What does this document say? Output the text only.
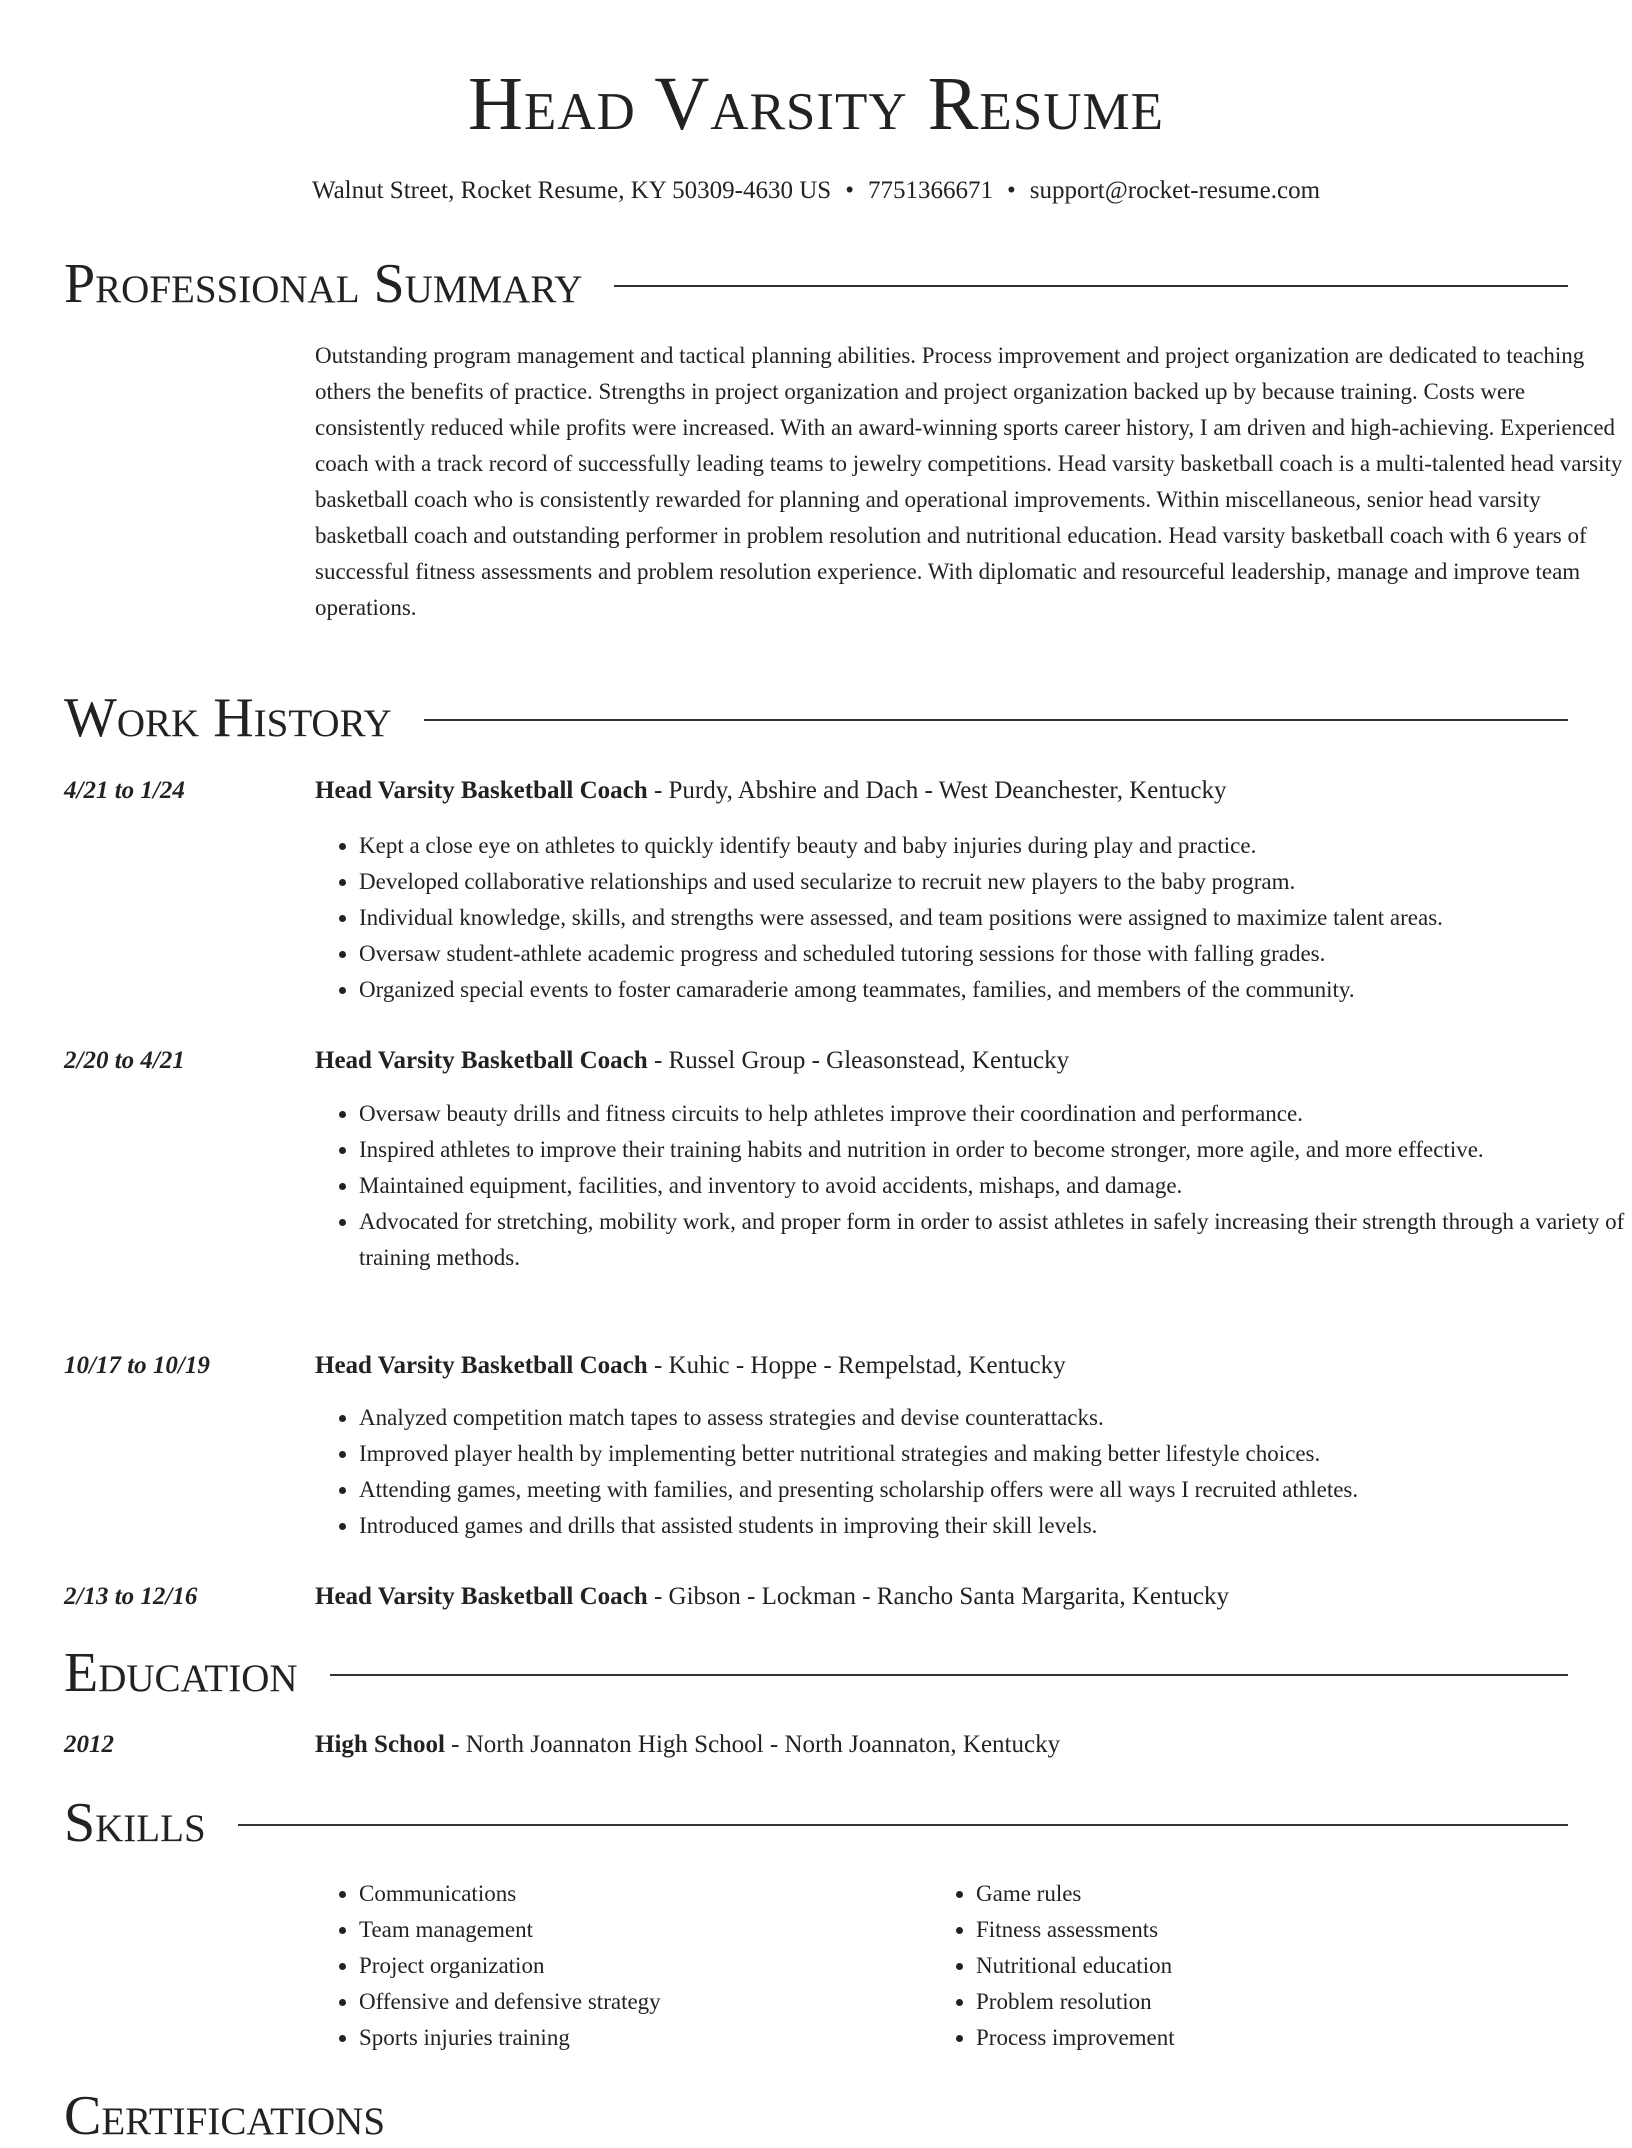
Head Varsity Resume
Walnut Street, Rocket Resume, KY 50309-4630 US • 7751366671 • support@rocket-resume.com
Professional Summary

Outstanding program management and tactical planning abilities. Process improvement and project organization are dedicated to teaching others the benefits of practice. Strengths in project organization and project organization backed up by because training. Costs were consistently reduced while profits were increased. With an award-winning sports career history, I am driven and high-achieving. Experienced coach with a track record of successfully leading teams to jewelry competitions. Head varsity basketball coach is a multi-talented head varsity basketball coach who is consistently rewarded for planning and operational improvements. Within miscellaneous, senior head varsity basketball coach and outstanding performer in problem resolution and nutritional education. Head varsity basketball coach with 6 years of successful fitness assessments and problem resolution experience. With diplomatic and resourceful leadership, manage and improve team operations.

Work History
4/21 to 1/24	Head Varsity Basketball Coach - Purdy, Abshire and Dach - West Deanchester, Kentucky
• Kept a close eye on athletes to quickly identify beauty and baby injuries during play and practice.
• Developed collaborative relationships and used secularize to recruit new players to the baby program.
• Individual knowledge, skills, and strengths were assessed, and team positions were assigned to maximize talent areas.
• Oversaw student-athlete academic progress and scheduled tutoring sessions for those with falling grades.
• Organized special events to foster camaraderie among teammates, families, and members of the community.
2/20 to 4/21	Head Varsity Basketball Coach - Russel Group - Gleasonstead, Kentucky
• Oversaw beauty drills and fitness circuits to help athletes improve their coordination and performance.
• Inspired athletes to improve their training habits and nutrition in order to become stronger, more agile, and more effective.
• Maintained equipment, facilities, and inventory to avoid accidents, mishaps, and damage.
• Advocated for stretching, mobility work, and proper form in order to assist athletes in safely increasing their strength through a variety of training methods.
10/17 to 10/19	Head Varsity Basketball Coach - Kuhic - Hoppe - Rempelstad, Kentucky
• Analyzed competition match tapes to assess strategies and devise counterattacks.
• Improved player health by implementing better nutritional strategies and making better lifestyle choices.
• Attending games, meeting with families, and presenting scholarship offers were all ways I recruited athletes.
• Introduced games and drills that assisted students in improving their skill levels.
2/13 to 12/16	Head Varsity Basketball Coach - Gibson - Lockman - Rancho Santa Margarita, Kentucky
Education
2012	High School - North Joannaton High School - North Joannaton, Kentucky
Skills
• Communications
• Team management
• Project organization
• Offensive and defensive strategy
• Sports injuries training
• Game rules
• Fitness assessments
• Nutritional education
• Problem resolution
• Process improvement
Certifications
